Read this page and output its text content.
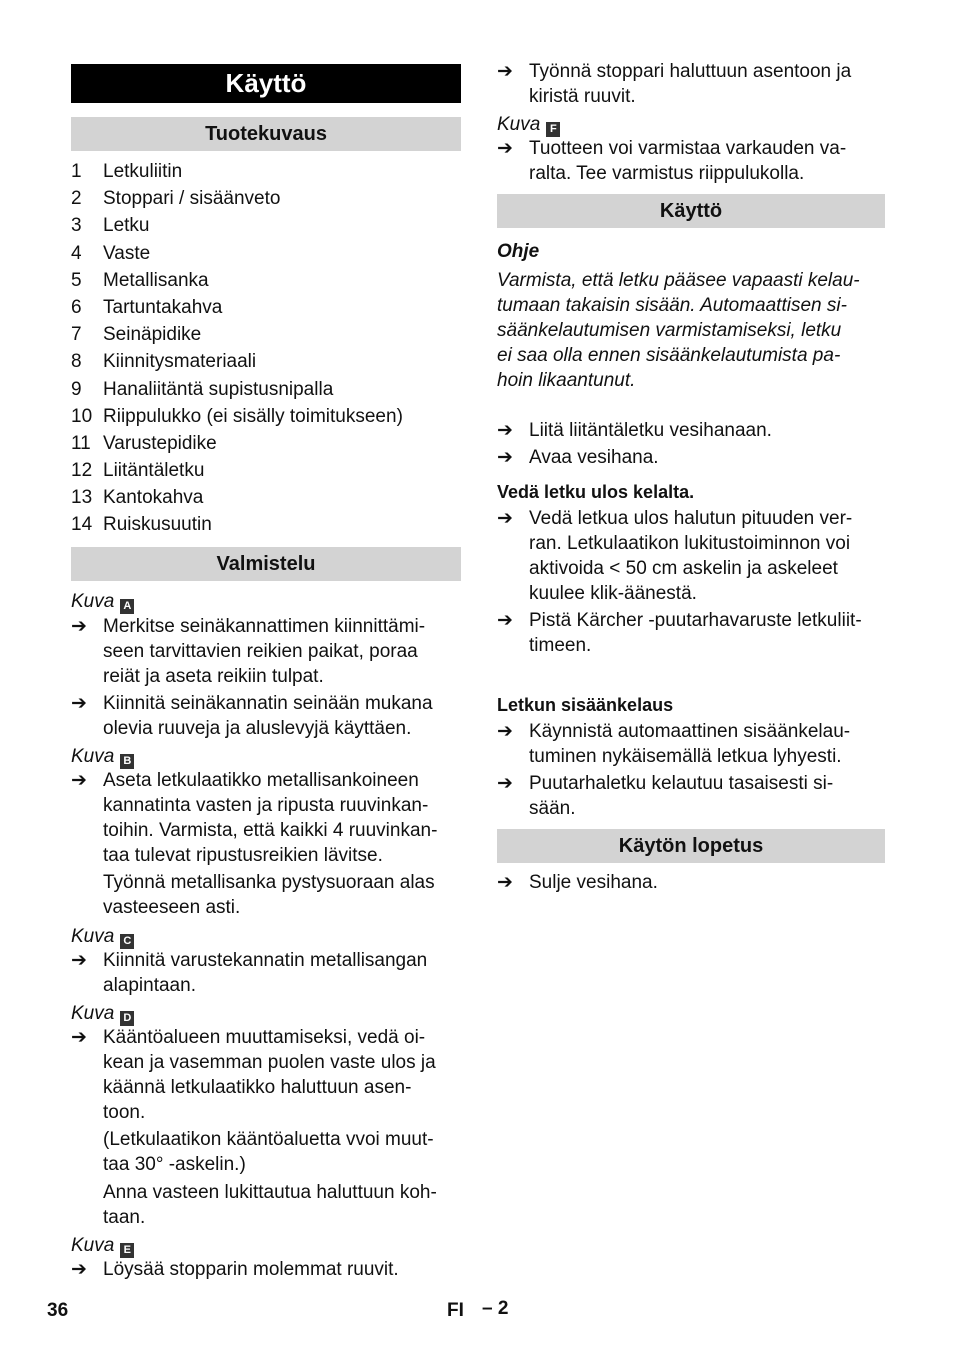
Käyttö
Tuotekuvaus
1 Letkuliitin
2 Stoppari / sisäänveto
3 Letku
4 Vaste
5 Metallisanka
6 Tartuntakahva
7 Seinäpidike
8 Kiinnitysmateriaali
9 Hanaliitäntä supistusnipalla
10 Riippulukko (ei sisälly toimitukseen)
11 Varustepidike
12 Liitäntäletku
13 Kantokahva
14 Ruiskusuutin
Valmistelu
Kuva A
➔ Merkitse seinäkannattimen kiinnittämi-
seen tarvittavien reikien paikat, poraa
reiät ja aseta reikiin tulpat.
➔ Kiinnitä seinäkannatin seinään mukana
olevia ruuveja ja aluslevyjä käyttäen.
Kuva B
➔ Aseta letkulaatikko metallisankoineen
kannatinta vasten ja ripusta ruuvinkan-
toihin. Varmista, että kaikki 4 ruuvinkan-
taa tulevat ripustusreikien lävitse.
Työnnä metallisanka pystysuoraan alas
vasteeseen asti.
Kuva C
➔ Kiinnitä varustekannatin metallisangan
alapintaan.
Kuva D
➔ Kääntöalueen muuttamiseksi, vedä oi-
kean ja vasemman puolen vaste ulos ja
käännä letkulaatikko haluttuun asen-
toon.
(Letkulaatikon kääntöaluetta vvoi muut-
taa 30° -askelin.)
Anna vasteen lukittautua haluttuun koh-
taan.
Kuva E
➔ Löysää stopparin molemmat ruuvit.
➔ Työnnä stoppari haluttuun asentoon ja
kiristä ruuvit.
Kuva F
➔ Tuotteen voi varmistaa varkauden va-
ralta. Tee varmistus riippulukolla.
Käyttö
Ohje
Varmista, että letku pääsee vapaasti kelau-
tumaan takaisin sisään. Automaattisen si-
säänkelautumisen varmistamiseksi, letku
ei saa olla ennen sisäänkelautumista pa-
hoin likaantunut.
➔ Liitä liitäntäletku vesihanaan.
➔ Avaa vesihana.
Vedä letku ulos kelalta.
➔ Vedä letkua ulos halutun pituuden ver-
ran. Letkulaatikon lukitustoiminnon voi
aktivoida < 50 cm askelin ja askeleet
kuulee klik-äänestä.
➔ Pistä Kärcher -puutarhavaruste letkuliit-
timeen.
Letkun sisäänkelaus
➔ Käynnistä automaattinen sisäänkelau-
tuminen nykäisemällä letkua lyhyesti.
➔ Puutarhaletku kelautuu tasaisesti si-
sään.
Käytön lopetus
➔ Sulje vesihana.
36	FI – 2
